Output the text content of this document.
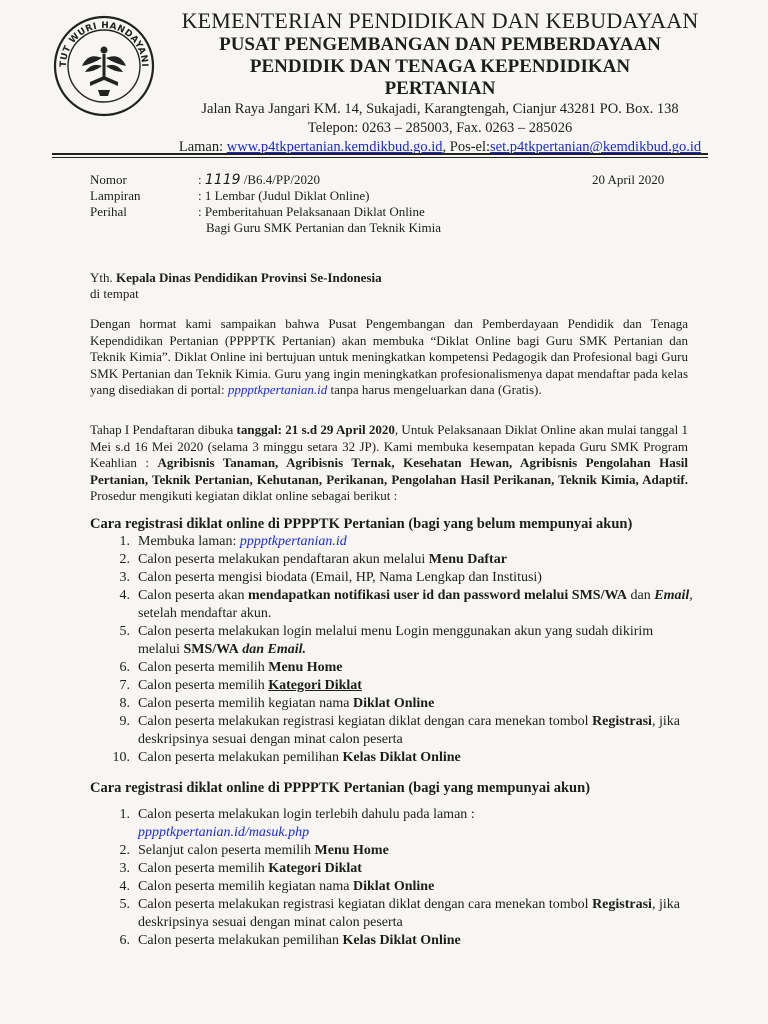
TUT WURI HANDAYANI
KEMENTERIAN PENDIDIKAN DAN KEBUDAYAAN
PUSAT PENGEMBANGAN DAN PEMBERDAYAAN
PENDIDIK DAN TENAGA KEPENDIDIKAN
PERTANIAN
Jalan Raya Jangari KM. 14, Sukajadi, Karangtengah, Cianjur 43281 PO. Box. 138
Telepon: 0263 – 285003, Fax. 0263 – 285026
Laman: www.p4tkpertanian.kemdikbud.go.id, Pos-el:set.p4tkpertanian@kemdikbud.go.id
Nomor	: 1119 /B6.4/PP/2020
Lampiran	: 1 Lembar (Judul Diklat Online)
Perihal	: Pemberitahuan Pelaksanaan Diklat Online
Bagi Guru SMK Pertanian dan Teknik Kimia
20 April 2020
Yth. Kepala Dinas Pendidikan Provinsi Se-Indonesia
di tempat

Dengan hormat kami sampaikan bahwa Pusat Pengembangan dan Pemberdayaan Pendidik dan Tenaga Kependidikan Pertanian (PPPPTK Pertanian) akan membuka “Diklat Online bagi Guru SMK Pertanian dan Teknik Kimia”. Diklat Online ini bertujuan untuk meningkatkan kompetensi Pedagogik dan Profesional bagi Guru SMK Pertanian dan Teknik Kimia. Guru yang ingin meningkatkan profesionalismenya dapat mendaftar pada kelas yang disediakan di portal: pppptkpertanian.id tanpa harus mengeluarkan dana (Gratis).

Tahap I Pendaftaran dibuka tanggal: 21 s.d 29 April 2020, Untuk Pelaksanaan Diklat Online akan mulai tanggal 1 Mei s.d 16 Mei 2020 (selama 3 minggu setara 32 JP). Kami membuka kesempatan kepada Guru SMK Program Keahlian : Agribisnis Tanaman, Agribisnis Ternak, Kesehatan Hewan, Agribisnis Pengolahan Hasil Pertanian, Teknik Pertanian, Kehutanan, Perikanan, Pengolahan Hasil Perikanan, Teknik Kimia, Adaptif. Prosedur mengikuti kegiatan diklat online sebagai berikut :

Cara registrasi diklat online di PPPPTK Pertanian (bagi yang belum mempunyai akun)
1. Membuka laman: pppptkpertanian.id
2. Calon peserta melakukan pendaftaran akun melalui Menu Daftar
3. Calon peserta mengisi biodata (Email, HP, Nama Lengkap dan Institusi)
4. Calon peserta akan mendapatkan notifikasi user id dan password melalui SMS/WA dan Email, setelah mendaftar akun.
5. Calon peserta melakukan login melalui menu Login menggunakan akun yang sudah dikirim melalui SMS/WA dan Email.
6. Calon peserta memilih Menu Home
7. Calon peserta memilih Kategori Diklat
8. Calon peserta memilih kegiatan nama Diklat Online
9. Calon peserta melakukan registrasi kegiatan diklat dengan cara menekan tombol Registrasi, jika deskripsinya sesuai dengan minat calon peserta
10. Calon peserta melakukan pemilihan Kelas Diklat Online
Cara registrasi diklat online di PPPPTK Pertanian (bagi yang mempunyai akun)
1. Calon peserta melakukan login terlebih dahulu pada laman :
pppptkpertanian.id/masuk.php
2. Selanjut calon peserta memilih Menu Home
3. Calon peserta memilih Kategori Diklat
4. Calon peserta memilih kegiatan nama Diklat Online
5. Calon peserta melakukan registrasi kegiatan diklat dengan cara menekan tombol Registrasi, jika deskripsinya sesuai dengan minat calon peserta
6. Calon peserta melakukan pemilihan Kelas Diklat Online
